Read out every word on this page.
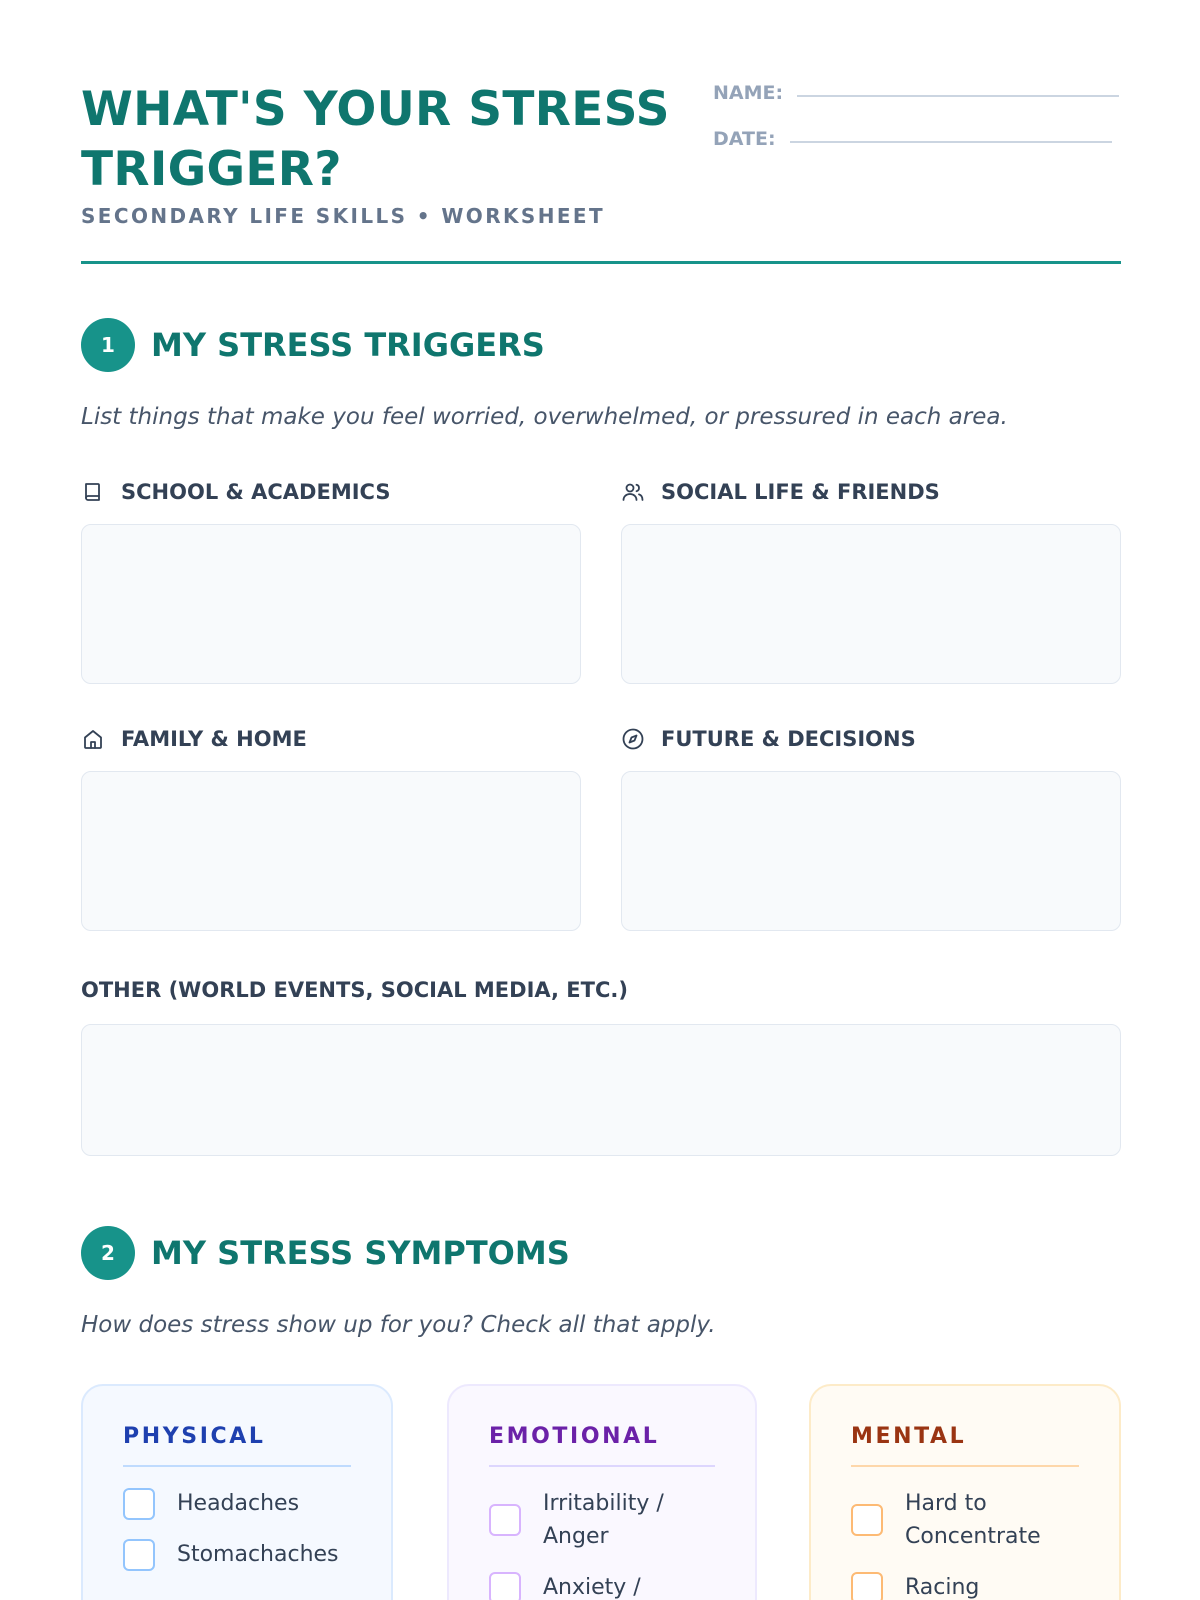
WHAT'S YOUR STRESS TRIGGER?
SECONDARY LIFE SKILLS • WORKSHEET
NAME:
DATE:
1	MY STRESS TRIGGERS

List things that make you feel worried, overwhelmed, or pressured in each area.

SCHOOL & ACADEMICS	SOCIAL LIFE & FRIENDS
FAMILY & HOME	FUTURE & DECISIONS
OTHER (WORLD EVENTS, SOCIAL MEDIA, ETC.)
2	MY STRESS SYMPTOMS

How does stress show up for you? Check all that apply.

PHYSICAL
Headaches
Stomachaches
EMOTIONAL
Irritability / Anger
Anxiety /
MENTAL
Hard to Concentrate
Racing
